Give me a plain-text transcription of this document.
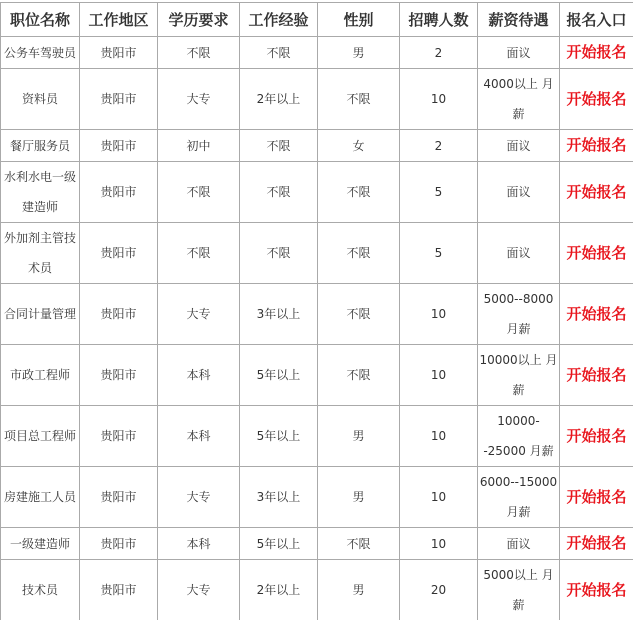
职位名称	工作地区	学历要求	工作经验	性别	招聘人数	薪资待遇	报名入口
公务车驾驶员	贵阳市	不限	不限	男	2	面议	开始报名
资料员	贵阳市	大专	2年以上	不限	10	4000以上 月薪	开始报名
餐厅服务员	贵阳市	初中	不限	女	2	面议	开始报名
水利水电一级建造师	贵阳市	不限	不限	不限	5	面议	开始报名
外加剂主管技术员	贵阳市	不限	不限	不限	5	面议	开始报名
合同计量管理	贵阳市	大专	3年以上	不限	10	5000--8000 月薪	开始报名
市政工程师	贵阳市	本科	5年以上	不限	10	10000以上 月薪	开始报名
项目总工程师	贵阳市	本科	5年以上	男	10	10000--25000 月薪	开始报名
房建施工人员	贵阳市	大专	3年以上	男	10	6000--15000 月薪	开始报名
一级建造师	贵阳市	本科	5年以上	不限	10	面议	开始报名
技术员	贵阳市	大专	2年以上	男	20	5000以上 月薪	开始报名
